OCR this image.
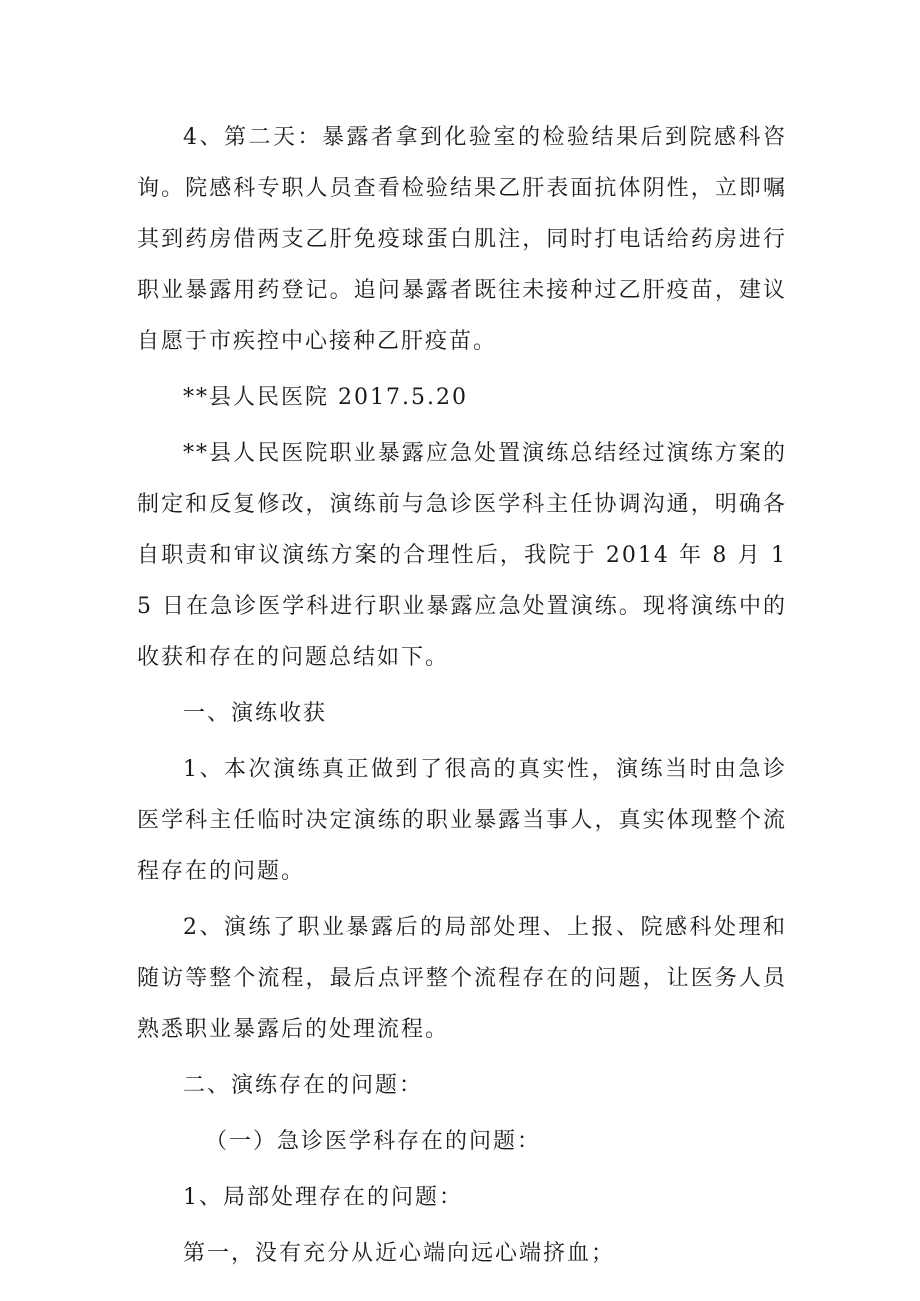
4、第二天：暴露者拿到化验室的检验结果后到院感科咨询。院感科专职人员查看检验结果乙肝表面抗体阴性，立即嘱其到药房借两支乙肝免疫球蛋白肌注，同时打电话给药房进行职业暴露用药登记。追问暴露者既往未接种过乙肝疫苗，建议自愿于市疾控中心接种乙肝疫苗。

**县人民医院 2017.5.20

**县人民医院职业暴露应急处置演练总结经过演练方案的制定和反复修改，演练前与急诊医学科主任协调沟通，明确各自职责和审议演练方案的合理性后，我院于 2014 年 8 月 15 日在急诊医学科进行职业暴露应急处置演练。现将演练中的收获和存在的问题总结如下。

一、演练收获

1、本次演练真正做到了很高的真实性，演练当时由急诊医学科主任临时决定演练的职业暴露当事人，真实体现整个流程存在的问题。

2、演练了职业暴露后的局部处理、上报、院感科处理和随访等整个流程，最后点评整个流程存在的问题，让医务人员熟悉职业暴露后的处理流程。

二、演练存在的问题：

（一）急诊医学科存在的问题：

1、局部处理存在的问题：

第一，没有充分从近心端向远心端挤血；
